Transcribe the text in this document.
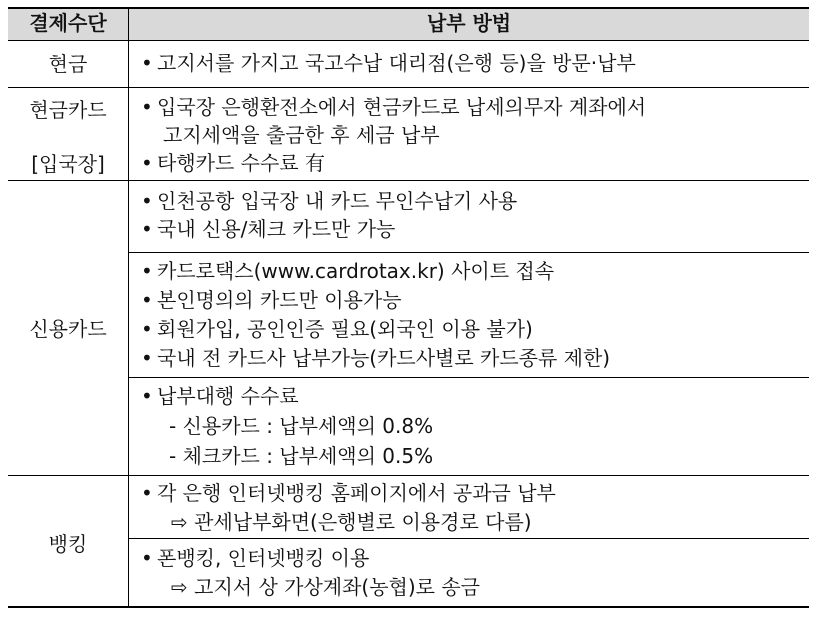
결제수단	납부 방법
현금	• 고지서를 가지고 국고수납 대리점(은행 등)을 방문·납부
현금카드
[입국장]
• 입국장 은행환전소에서 현금카드로 납세의무자 계좌에서
고지세액을 출금한 후 세금 납부
• 타행카드 수수료 有
신용카드
• 인천공항 입국장 내 카드 무인수납기 사용
• 국내 신용/체크 카드만 가능
• 카드로택스(www.cardrotax.kr) 사이트 접속
• 본인명의의 카드만 이용가능
• 회원가입, 공인인증 필요(외국인 이용 불가)
• 국내 전 카드사 납부가능(카드사별로 카드종류 제한)
• 납부대행 수수료
- 신용카드 : 납부세액의 0.8%
- 체크카드 : 납부세액의 0.5%
뱅킹
• 각 은행 인터넷뱅킹 홈페이지에서 공과금 납부
⇨ 관세납부화면(은행별로 이용경로 다름)
• 폰뱅킹, 인터넷뱅킹 이용
⇨ 고지서 상 가상계좌(농협)로 송금
